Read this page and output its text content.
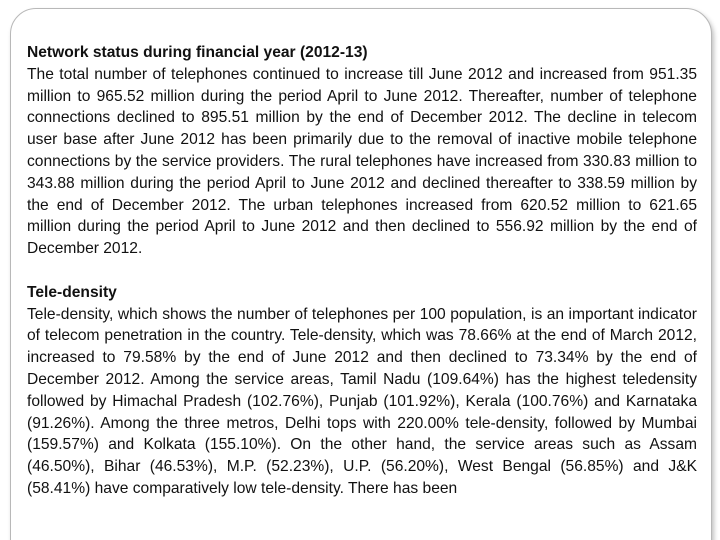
Network status during financial year (2012-13)

The total number of telephones continued to increase till June 2012 and increased from 951.35 million to 965.52 million during the period April to June 2012. Thereafter, number of telephone connections declined to 895.51 million by the end of December 2012. The decline in telecom user base after June 2012 has been primarily due to the removal of inactive mobile telephone connections by the service providers. The rural telephones have increased from 330.83 million to 343.88 million during the period April to June 2012 and declined thereafter to 338.59 million by the end of December 2012. The urban telephones increased from 620.52 million to 621.65 million during the period April to June 2012 and then declined to 556.92 million by the end of December 2012.

Tele-density

Tele-density, which shows the number of telephones per 100 population, is an important indicator of telecom penetration in the country. Tele-density, which was 78.66% at the end of March 2012, increased to 79.58% by the end of June 2012 and then declined to 73.34% by the end of December 2012. Among the service areas, Tamil Nadu (109.64%) has the highest teledensity followed by Himachal Pradesh (102.76%), Punjab (101.92%), Kerala (100.76%) and Karnataka (91.26%). Among the three metros, Delhi tops with 220.00% tele-density, followed by Mumbai (159.57%) and Kolkata (155.10%). On the other hand, the service areas such as Assam (46.50%), Bihar (46.53%), M.P. (52.23%), U.P. (56.20%), West Bengal (56.85%) and J&K (58.41%) have comparatively low tele-density. There has been
